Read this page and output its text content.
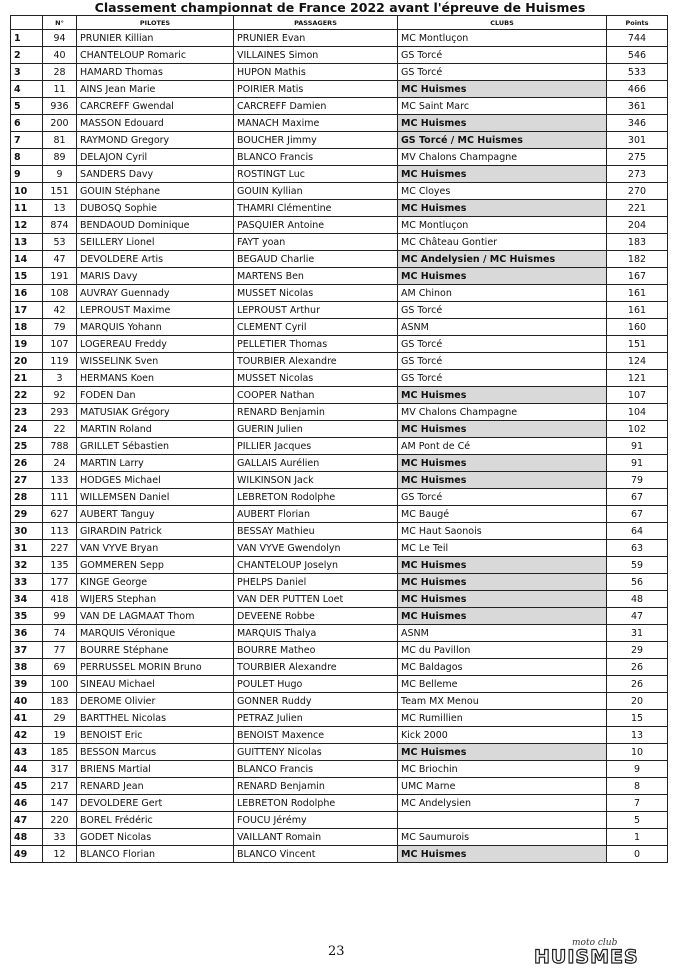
Classement championnat de France 2022 avant l'épreuve de Huismes
	N°	PILOTES	PASSAGERS	CLUBS	Points
1	94	PRUNIER Killian	PRUNIER Evan	MC Montluçon	744
2	40	CHANTELOUP Romaric	VILLAINES Simon	GS Torcé	546
3	28	HAMARD Thomas	HUPON Mathis	GS Torcé	533
4	11	AINS Jean Marie	POIRIER Matis	MC Huismes	466
5	936	CARCREFF Gwendal	CARCREFF Damien	MC Saint Marc	361
6	200	MASSON Edouard	MANACH Maxime	MC Huismes	346
7	81	RAYMOND Gregory	BOUCHER Jimmy	GS Torcé / MC Huismes	301
8	89	DELAJON Cyril	BLANCO Francis	MV Chalons Champagne	275
9	9	SANDERS Davy	ROSTINGT Luc	MC Huismes	273
10	151	GOUIN Stéphane	GOUIN Kyllian	MC Cloyes	270
11	13	DUBOSQ Sophie	THAMRI Clémentine	MC Huismes	221
12	874	BENDAOUD Dominique	PASQUIER Antoine	MC Montluçon	204
13	53	SEILLERY Lionel	FAYT yoan	MC Château Gontier	183
14	47	DEVOLDERE Artis	BEGAUD Charlie	MC Andelysien / MC Huismes	182
15	191	MARIS Davy	MARTENS Ben	MC Huismes	167
16	108	AUVRAY Guennady	MUSSET Nicolas	AM Chinon	161
17	42	LEPROUST Maxime	LEPROUST Arthur	GS Torcé	161
18	79	MARQUIS Yohann	CLEMENT Cyril	ASNM	160
19	107	LOGEREAU Freddy	PELLETIER Thomas	GS Torcé	151
20	119	WISSELINK Sven	TOURBIER Alexandre	GS Torcé	124
21	3	HERMANS Koen	MUSSET Nicolas	GS Torcé	121
22	92	FODEN Dan	COOPER Nathan	MC Huismes	107
23	293	MATUSIAK Grégory	RENARD Benjamin	MV Chalons Champagne	104
24	22	MARTIN Roland	GUERIN Julien	MC Huismes	102
25	788	GRILLET Sébastien	PILLIER Jacques	AM Pont de Cé	91
26	24	MARTIN Larry	GALLAIS Aurélien	MC Huismes	91
27	133	HODGES Michael	WILKINSON Jack	MC Huismes	79
28	111	WILLEMSEN Daniel	LEBRETON Rodolphe	GS Torcé	67
29	627	AUBERT Tanguy	AUBERT Florian	MC Baugé	67
30	113	GIRARDIN Patrick	BESSAY Mathieu	MC Haut Saonois	64
31	227	VAN VYVE Bryan	VAN VYVE Gwendolyn	MC Le Teil	63
32	135	GOMMEREN Sepp	CHANTELOUP Joselyn	MC Huismes	59
33	177	KINGE George	PHELPS Daniel	MC Huismes	56
34	418	WIJERS Stephan	VAN DER PUTTEN Loet	MC Huismes	48
35	99	VAN DE LAGMAAT Thom	DEVEENE Robbe	MC Huismes	47
36	74	MARQUIS Véronique	MARQUIS Thalya	ASNM	31
37	77	BOURRE Stéphane	BOURRE Matheo	MC du Pavillon	29
38	69	PERRUSSEL MORIN Bruno	TOURBIER Alexandre	MC Baldagos	26
39	100	SINEAU Michael	POULET Hugo	MC Belleme	26
40	183	DEROME Olivier	GONNER Ruddy	Team MX Menou	20
41	29	BARTTHEL Nicolas	PETRAZ Julien	MC Rumillien	15
42	19	BENOIST Eric	BENOIST Maxence	Kick 2000	13
43	185	BESSON Marcus	GUITTENY Nicolas	MC Huismes	10
44	317	BRIENS Martial	BLANCO Francis	MC Briochin	9
45	217	RENARD Jean	RENARD Benjamin	UMC Marne	8
46	147	DEVOLDERE Gert	LEBRETON Rodolphe	MC Andelysien	7
47	220	BOREL Frédéric	FOUCU Jérémy		5
48	33	GODET Nicolas	VAILLANT Romain	MC Saumurois	1
49	12	BLANCO Florian	BLANCO Vincent	MC Huismes	0
23
moto club
HUISMES
